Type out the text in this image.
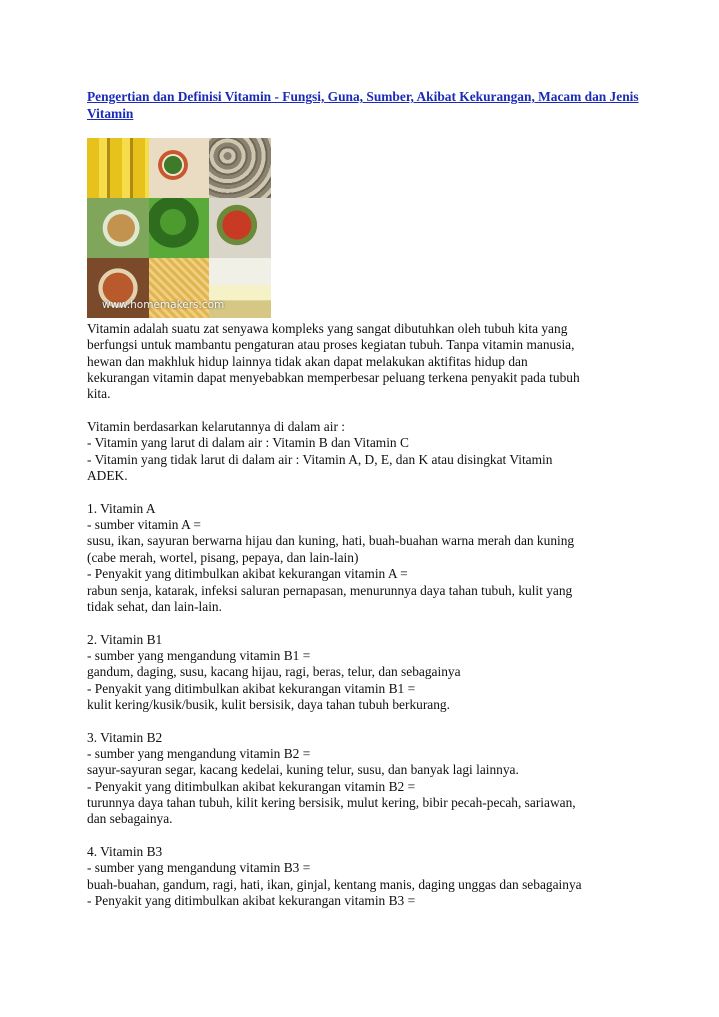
Pengertian dan Definisi Vitamin - Fungsi, Guna, Sumber, Akibat Kekurangan, Macam dan Jenis Vitamin
www.homemakers.com
Vitamin adalah suatu zat senyawa kompleks yang sangat dibutuhkan oleh tubuh kita yang
berfungsi untuk mambantu pengaturan atau proses kegiatan tubuh. Tanpa vitamin manusia,
hewan dan makhluk hidup lainnya tidak akan dapat melakukan aktifitas hidup dan
kekurangan vitamin dapat menyebabkan memperbesar peluang terkena penyakit pada tubuh
kita.
Vitamin berdasarkan kelarutannya di dalam air :
- Vitamin yang larut di dalam air : Vitamin B dan Vitamin C
- Vitamin yang tidak larut di dalam air : Vitamin A, D, E, dan K atau disingkat Vitamin
ADEK.
1. Vitamin A
- sumber vitamin A =
susu, ikan, sayuran berwarna hijau dan kuning, hati, buah-buahan warna merah dan kuning
(cabe merah, wortel, pisang, pepaya, dan lain-lain)
- Penyakit yang ditimbulkan akibat kekurangan vitamin A =
rabun senja, katarak, infeksi saluran pernapasan, menurunnya daya tahan tubuh, kulit yang
tidak sehat, dan lain-lain.
2. Vitamin B1
- sumber yang mengandung vitamin B1 =
gandum, daging, susu, kacang hijau, ragi, beras, telur, dan sebagainya
- Penyakit yang ditimbulkan akibat kekurangan vitamin B1 =
kulit kering/kusik/busik, kulit bersisik, daya tahan tubuh berkurang.
3. Vitamin B2
- sumber yang mengandung vitamin B2 =
sayur-sayuran segar, kacang kedelai, kuning telur, susu, dan banyak lagi lainnya.
- Penyakit yang ditimbulkan akibat kekurangan vitamin B2 =
turunnya daya tahan tubuh, kilit kering bersisik, mulut kering, bibir pecah-pecah, sariawan,
dan sebagainya.
4. Vitamin B3
- sumber yang mengandung vitamin B3 =
buah-buahan, gandum, ragi, hati, ikan, ginjal, kentang manis, daging unggas dan sebagainya
- Penyakit yang ditimbulkan akibat kekurangan vitamin B3 =
